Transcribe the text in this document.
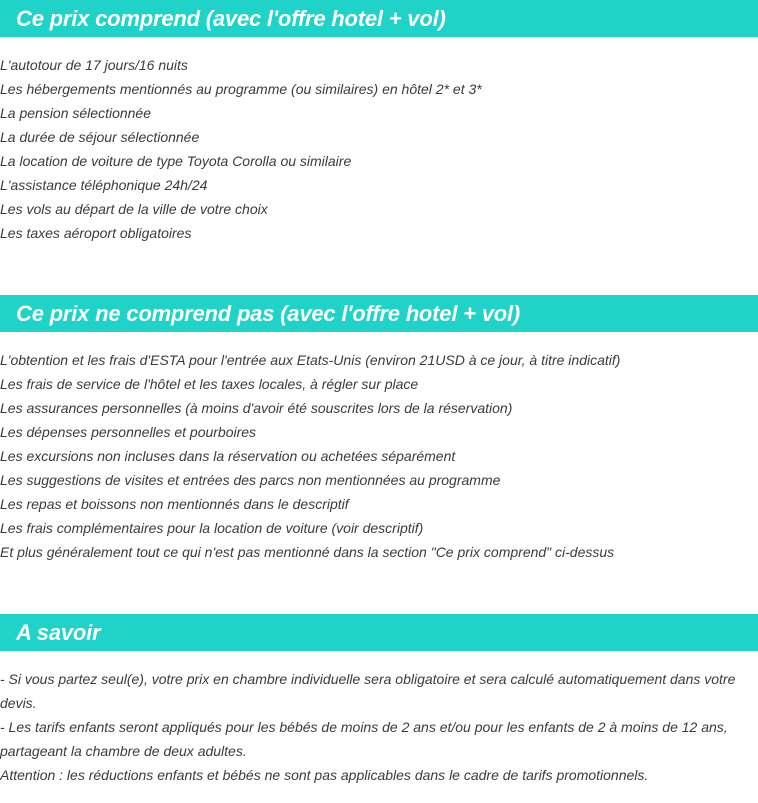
Ce prix comprend (avec l'offre hotel + vol)
L'autotour de 17 jours/16 nuits
Les hébergements mentionnés au programme (ou similaires) en hôtel 2* et 3*
La pension sélectionnée
La durée de séjour sélectionnée
La location de voiture de type Toyota Corolla ou similaire
L'assistance téléphonique 24h/24
Les vols au départ de la ville de votre choix
Les taxes aéroport obligatoires
Ce prix ne comprend pas (avec l'offre hotel + vol)
L'obtention et les frais d'ESTA pour l'entrée aux Etats-Unis (environ 21USD à ce jour, à titre indicatif)
Les frais de service de l'hôtel et les taxes locales, à régler sur place
Les assurances personnelles (à moins d'avoir été souscrites lors de la réservation)
Les dépenses personnelles et pourboires
Les excursions non incluses dans la réservation ou achetées séparément
Les suggestions de visites et entrées des parcs non mentionnées au programme
Les repas et boissons non mentionnés dans le descriptif
Les frais complémentaires pour la location de voiture (voir descriptif)
Et plus généralement tout ce qui n'est pas mentionné dans la section "Ce prix comprend" ci-dessus
A savoir

- Si vous partez seul(e), votre prix en chambre individuelle sera obligatoire et sera calculé automatiquement dans votre devis.

- Les tarifs enfants seront appliqués pour les bébés de moins de 2 ans et/ou pour les enfants de 2 à moins de 12 ans, partageant la chambre de deux adultes.

Attention : les réductions enfants et bébés ne sont pas applicables dans le cadre de tarifs promotionnels.
